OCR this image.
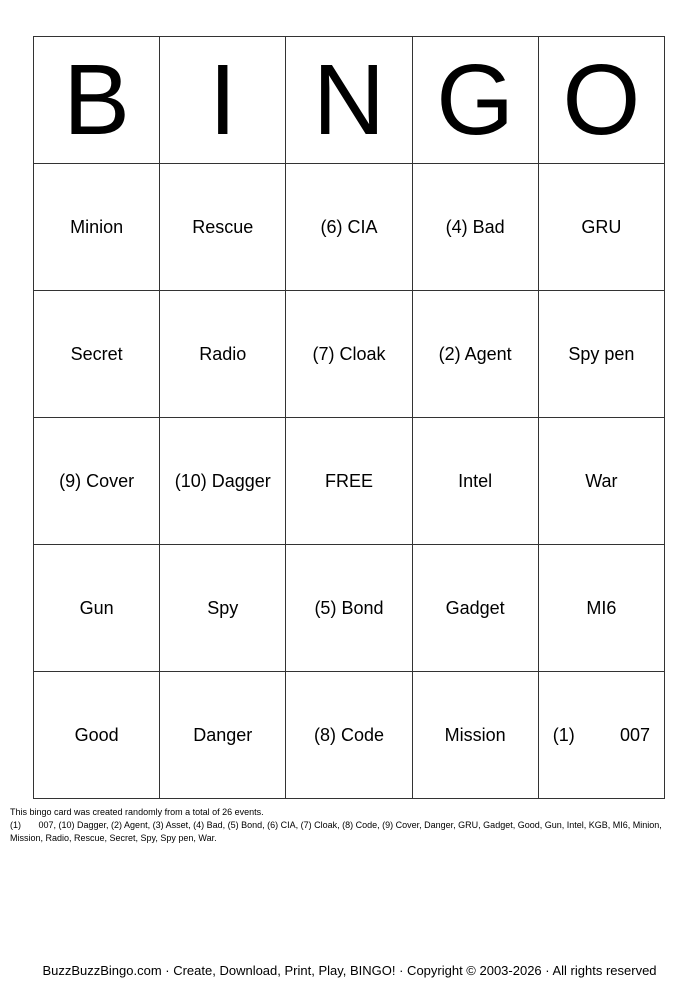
B	I	N	G	O
Minion	Rescue	(6) CIA	(4) Bad	GRU
Secret	Radio	(7) Cloak	(2) Agent	Spy pen
(9) Cover	(10) Dagger	FREE	Intel	War
Gun	Spy	(5) Bond	Gadget	MI6
Good	Danger	(8) Code	Mission	(1) 007

This bingo card was created randomly from a total of 26 events.

(1)       007, (10) Dagger, (2) Agent, (3) Asset, (4) Bad, (5) Bond, (6) CIA, (7) Cloak, (8) Code, (9) Cover, Danger, GRU, Gadget, Good, Gun, Intel, KGB, MI6, Minion, Mission, Radio, Rescue, Secret, Spy, Spy pen, War.

BuzzBuzzBingo.com · Create, Download, Print, Play, BINGO! · Copyright © 2003-2026 · All rights reserved
